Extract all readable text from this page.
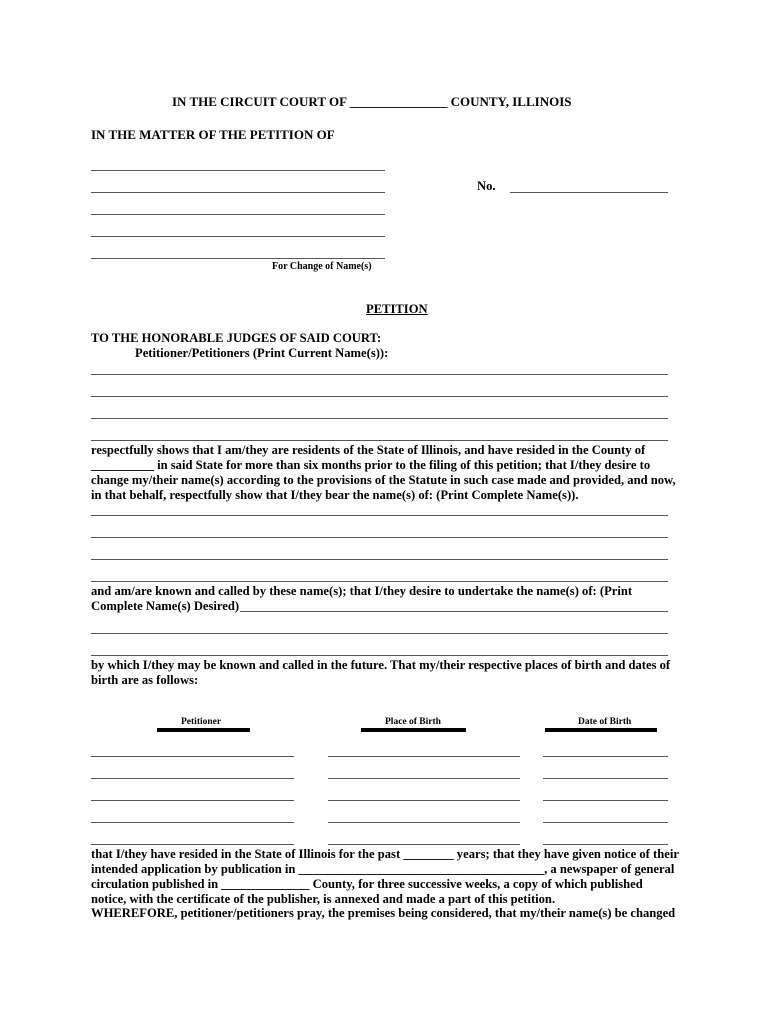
IN THE CIRCUIT COURT OF _______________ COUNTY, ILLINOIS
IN THE MATTER OF THE PETITION OF
No.
For Change of Name(s)
PETITION
TO THE HONORABLE JUDGES OF SAID COURT:
Petitioner/Petitioners (Print Current Name(s)):
respectfully shows that I am/they are residents of the State of Illinois, and have resided in the County of
__________ in said State for more than six months prior to the filing of this petition; that I/they desire to
change my/their name(s) according to the provisions of the Statute in such case made and provided, and now,
in that behalf, respectfully show that I/they bear the name(s) of: (Print Complete Name(s)).
and am/are known and called by these name(s); that I/they desire to undertake the name(s) of: (Print
Complete Name(s) Desired)
by which I/they may be known and called in the future. That my/their respective places of birth and dates of
birth are as follows:
Petitioner	Place of Birth	Date of Birth
that I/they have resided in the State of Illinois for the past ________ years; that they have given notice of their
intended application by publication in _______________________________________, a newspaper of general
circulation published in ______________ County, for three successive weeks, a copy of which published
notice, with the certificate of the publisher, is annexed and made a part of this petition.
WHEREFORE, petitioner/petitioners pray, the premises being considered, that my/their name(s) be changed
